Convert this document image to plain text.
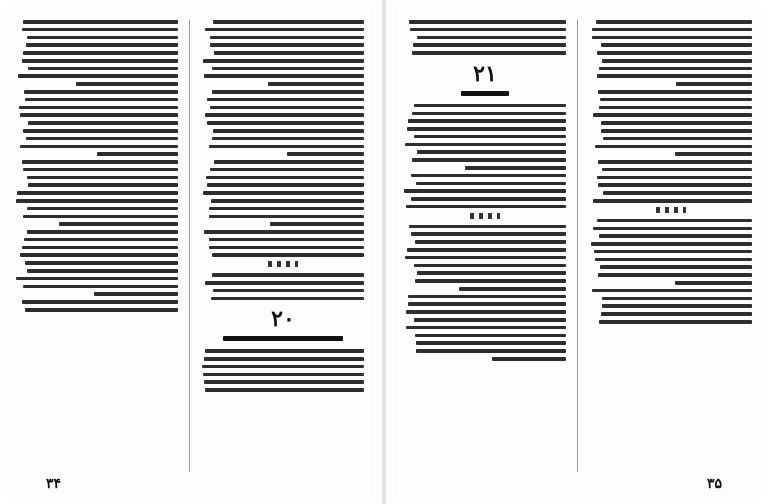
۲۰
۳۴
۲۱
۳۵
